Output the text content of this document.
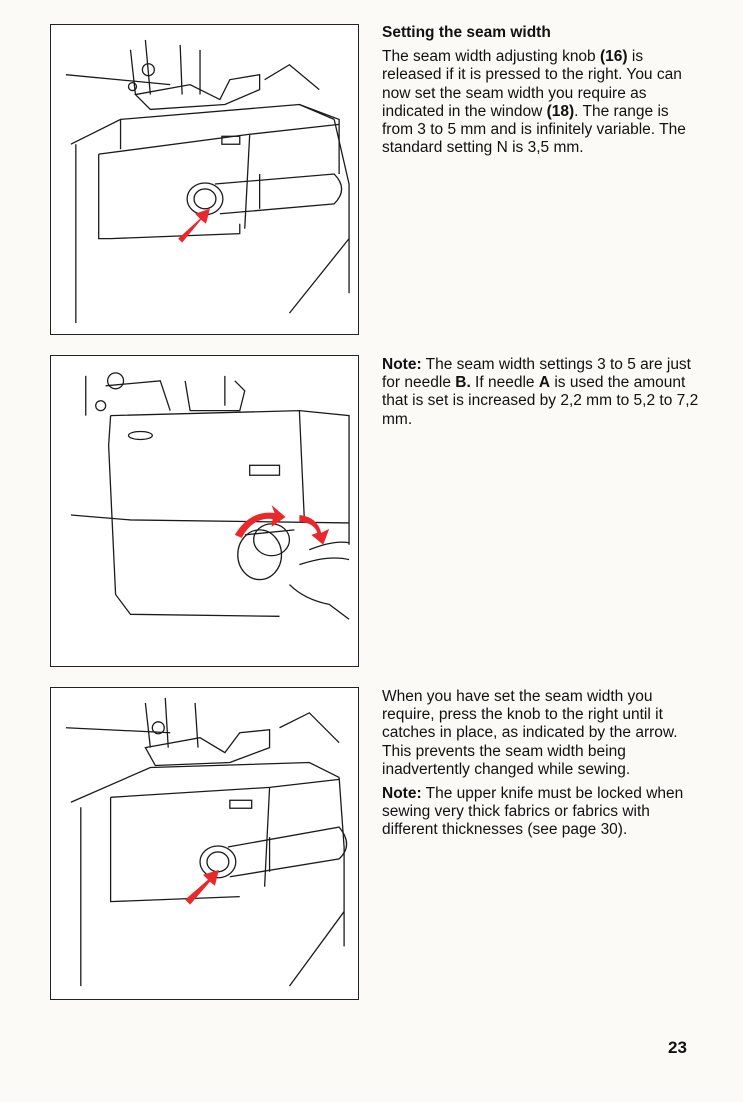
Setting the seam width

The seam width adjusting knob (16) is released if it is pressed to the right. You can now set the seam width you require as indicated in the window (18). The range is from 3 to 5 mm and is infinitely variable. The standard setting N is 3,5 mm.

Note: The seam width settings 3 to 5 are just for needle B. If needle A is used the amount that is set is increased by 2,2 mm to 5,2 to 7,2 mm.

When you have set the seam width you require, press the knob to the right until it catches in place, as indicated by the arrow. This prevents the seam width being inadvertently changed while sewing.

Note: The upper knife must be locked when sewing very thick fabrics or fabrics with different thicknesses (see page 30).

23
